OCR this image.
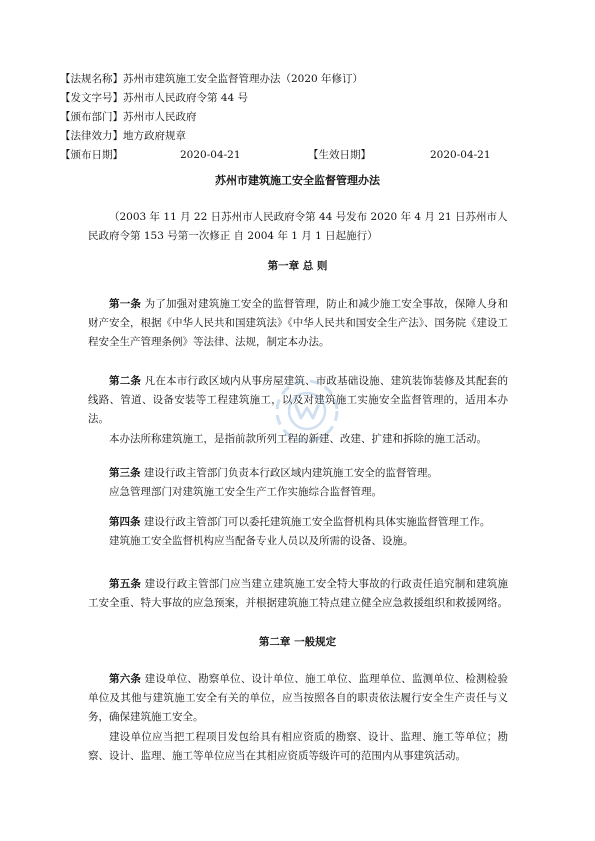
【法规名称】苏州市建筑施工安全监督管理办法（2020 年修订）
【发文字号】苏州市人民政府令第 44 号
【颁布部门】苏州市人民政府
【法律效力】地方政府规章
【颁布日期】	2020-04-21	【生效日期】	2020-04-21
苏州市建筑施工安全监督管理办法
（2003 年 11 月 22 日苏州市人民政府令第 44 号发布 2020 年 4 月 21 日苏州市人民政府令第 153 号第一次修正 自 2004 年 1 月 1 日起施行）
第一章 总 则

第一条 为了加强对建筑施工安全的监督管理，防止和减少施工安全事故，保障人身和财产安全，根据《中华人民共和国建筑法》《中华人民共和国安全生产法》、国务院《建设工程安全生产管理条例》等法律、法规，制定本办法。

第二条 凡在本市行政区域内从事房屋建筑、市政基础设施、建筑装饰装修及其配套的线路、管道、设备安装等工程建筑施工，以及对建筑施工实施安全监督管理的，适用本办法。

本办法所称建筑施工，是指前款所列工程的新建、改建、扩建和拆除的施工活动。

第三条 建设行政主管部门负责本行政区域内建筑施工安全的监督管理。

应急管理部门对建筑施工安全生产工作实施综合监督管理。

第四条 建设行政主管部门可以委托建筑施工安全监督机构具体实施监督管理工作。

建筑施工安全监督机构应当配备专业人员以及所需的设备、设施。

第五条 建设行政主管部门应当建立建筑施工安全特大事故的行政责任追究制和建筑施工安全重、特大事故的应急预案，并根据建筑施工特点建立健全应急救援组织和救援网络。

第二章 一般规定

第六条 建设单位、勘察单位、设计单位、施工单位、监理单位、监测单位、检测检验单位及其他与建筑施工安全有关的单位，应当按照各自的职责依法履行安全生产责任与义务，确保建筑施工安全。

建设单位应当把工程项目发包给具有相应资质的勘察、设计、监理、施工等单位；勘察、设计、监理、施工等单位应当在其相应资质等级许可的范围内从事建筑活动。
